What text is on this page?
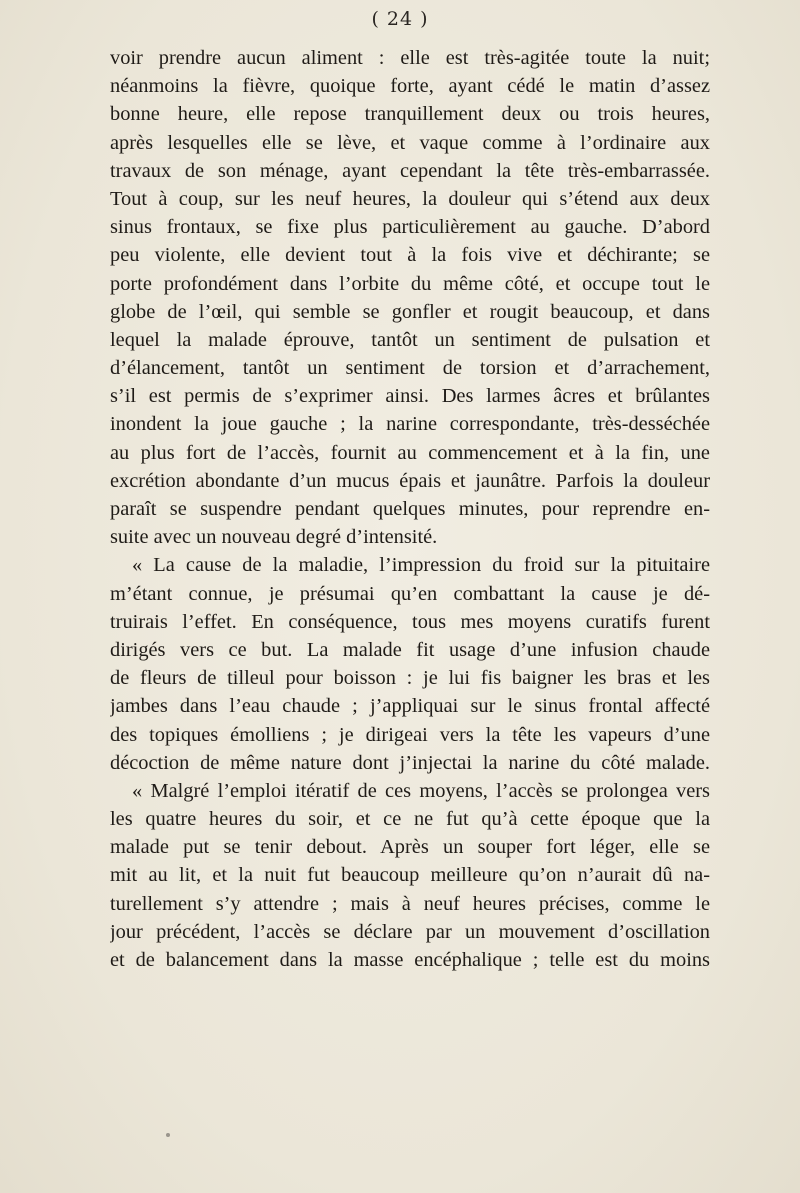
( 24 )
voir prendre aucun aliment : elle est très-agitée toute la nuit;
néanmoins la fièvre, quoique forte, ayant cédé le matin d’assez
bonne heure, elle repose tranquillement deux ou trois heures,
après lesquelles elle se lève, et vaque comme à l’ordinaire aux
travaux de son ménage, ayant cependant la tête très-embarrassée.
Tout à coup, sur les neuf heures, la douleur qui s’étend aux deux
sinus frontaux, se fixe plus particulièrement au gauche. D’abord
peu violente, elle devient tout à la fois vive et déchirante; se
porte profondément dans l’orbite du même côté, et occupe tout le
globe de l’œil, qui semble se gonfler et rougit beaucoup, et dans
lequel la malade éprouve, tantôt un sentiment de pulsation et
d’élancement, tantôt un sentiment de torsion et d’arrachement,
s’il est permis de s’exprimer ainsi. Des larmes âcres et brûlantes
inondent la joue gauche ; la narine correspondante, très-desséchée
au plus fort de l’accès, fournit au commencement et à la fin, une
excrétion abondante d’un mucus épais et jaunâtre. Parfois la douleur
paraît se suspendre pendant quelques minutes, pour reprendre en-
suite avec un nouveau degré d’intensité.
« La cause de la maladie, l’impression du froid sur la pituitaire
m’étant connue, je présumai qu’en combattant la cause je dé-
truirais l’effet. En conséquence, tous mes moyens curatifs furent
dirigés vers ce but. La malade fit usage d’une infusion chaude
de fleurs de tilleul pour boisson : je lui fis baigner les bras et les
jambes dans l’eau chaude ; j’appliquai sur le sinus frontal affecté
des topiques émolliens ; je dirigeai vers la tête les vapeurs d’une
décoction de même nature dont j’injectai la narine du côté malade.
« Malgré l’emploi itératif de ces moyens, l’accès se prolongea vers
les quatre heures du soir, et ce ne fut qu’à cette époque que la
malade put se tenir debout. Après un souper fort léger, elle se
mit au lit, et la nuit fut beaucoup meilleure qu’on n’aurait dû na-
turellement s’y attendre ; mais à neuf heures précises, comme le
jour précédent, l’accès se déclare par un mouvement d’oscillation
et de balancement dans la masse encéphalique ; telle est du moins
